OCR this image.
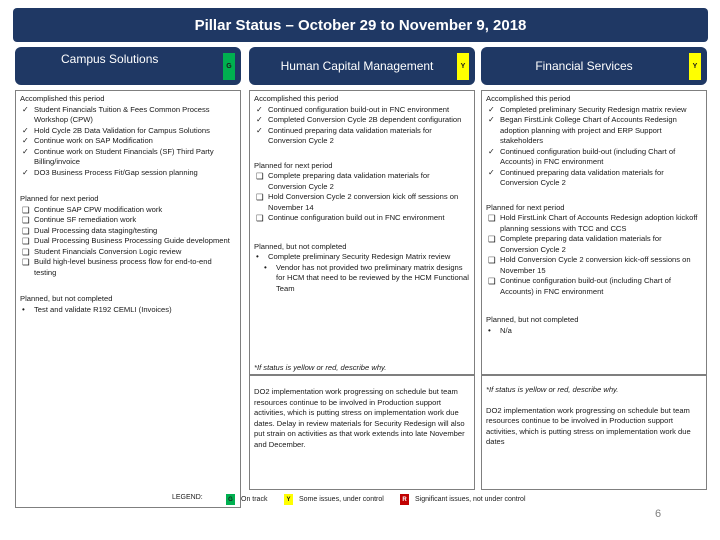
Pillar Status – October 29 to November 9, 2018
Campus Solutions
G
Accomplished this period
✓ Student Financials Tuition & Fees Common Process Workshop (CPW)
✓ Hold Cycle 2B Data Validation for Campus Solutions
✓ Continue work on SAP Modification
✓ Continue work on Student Financials (SF) Third Party Billing/invoice
✓ DO3 Business Process Fit/Gap session planning
Planned for next period
❑ Continue SAP CPW modification work
❑ Continue SF remediation work
❑ Dual Processing data staging/testing
❑ Dual Processing Business Processing Guide development
❑ Student Financials Conversion Logic review
❑ Build high-level business process flow for end-to-end testing
Planned, but not completed
• Test and validate R192 CEMLI (Invoices)
Human Capital Management	Y
Accomplished this period
✓ Continued configuration build-out in FNC environment
✓ Completed Conversion Cycle 2B dependent configuration
✓ Continued preparing data validation materials for Conversion Cycle 2
Planned for next period
❑ Complete preparing data validation materials for Conversion Cycle 2
❑ Hold Conversion Cycle 2 conversion kick off sessions on November 14
❑ Continue configuration build out in FNC environment
Planned, but not completed
• Complete preliminary Security Redesign Matrix review
• Vendor has not provided two preliminary matrix designs for HCM that need to be reviewed by the HCM Functional Team
*If status is yellow or red, describe why.
DO2 implementation work progressing on schedule but team resources continue to be involved in Production support activities, which is putting stress on implementation work due dates. Delay in review materials for Security Redesign will also put strain on activities as that work extends into late November and December.
Financial Services	Y
Accomplished this period
✓ Completed preliminary Security Redesign matrix review
✓ Began FirstLink College Chart of Accounts Redesign adoption planning with project and ERP Support stakeholders
✓ Continued configuration build-out (including Chart of Accounts) in FNC environment
✓ Continued preparing data validation materials for Conversion Cycle 2
Planned for next period
❑ Hold FirstLink Chart of Accounts Redesign adoption kickoff planning sessions with TCC and CCS
❑ Complete preparing data validation materials for Conversion Cycle 2
❑ Hold Conversion Cycle 2 conversion kick-off sessions on November 15
❑ Continue configuration build-out (including Chart of Accounts) in FNC environment
Planned, but not completed
• N/a
*If status is yellow or red, describe why.
DO2 implementation work progressing on schedule but team resources continue to be involved in Production support activities, which is putting stress on implementation work due dates
LEGEND:	G	On track	Y	Some issues, under control	R	Significant issues, not under control
6
